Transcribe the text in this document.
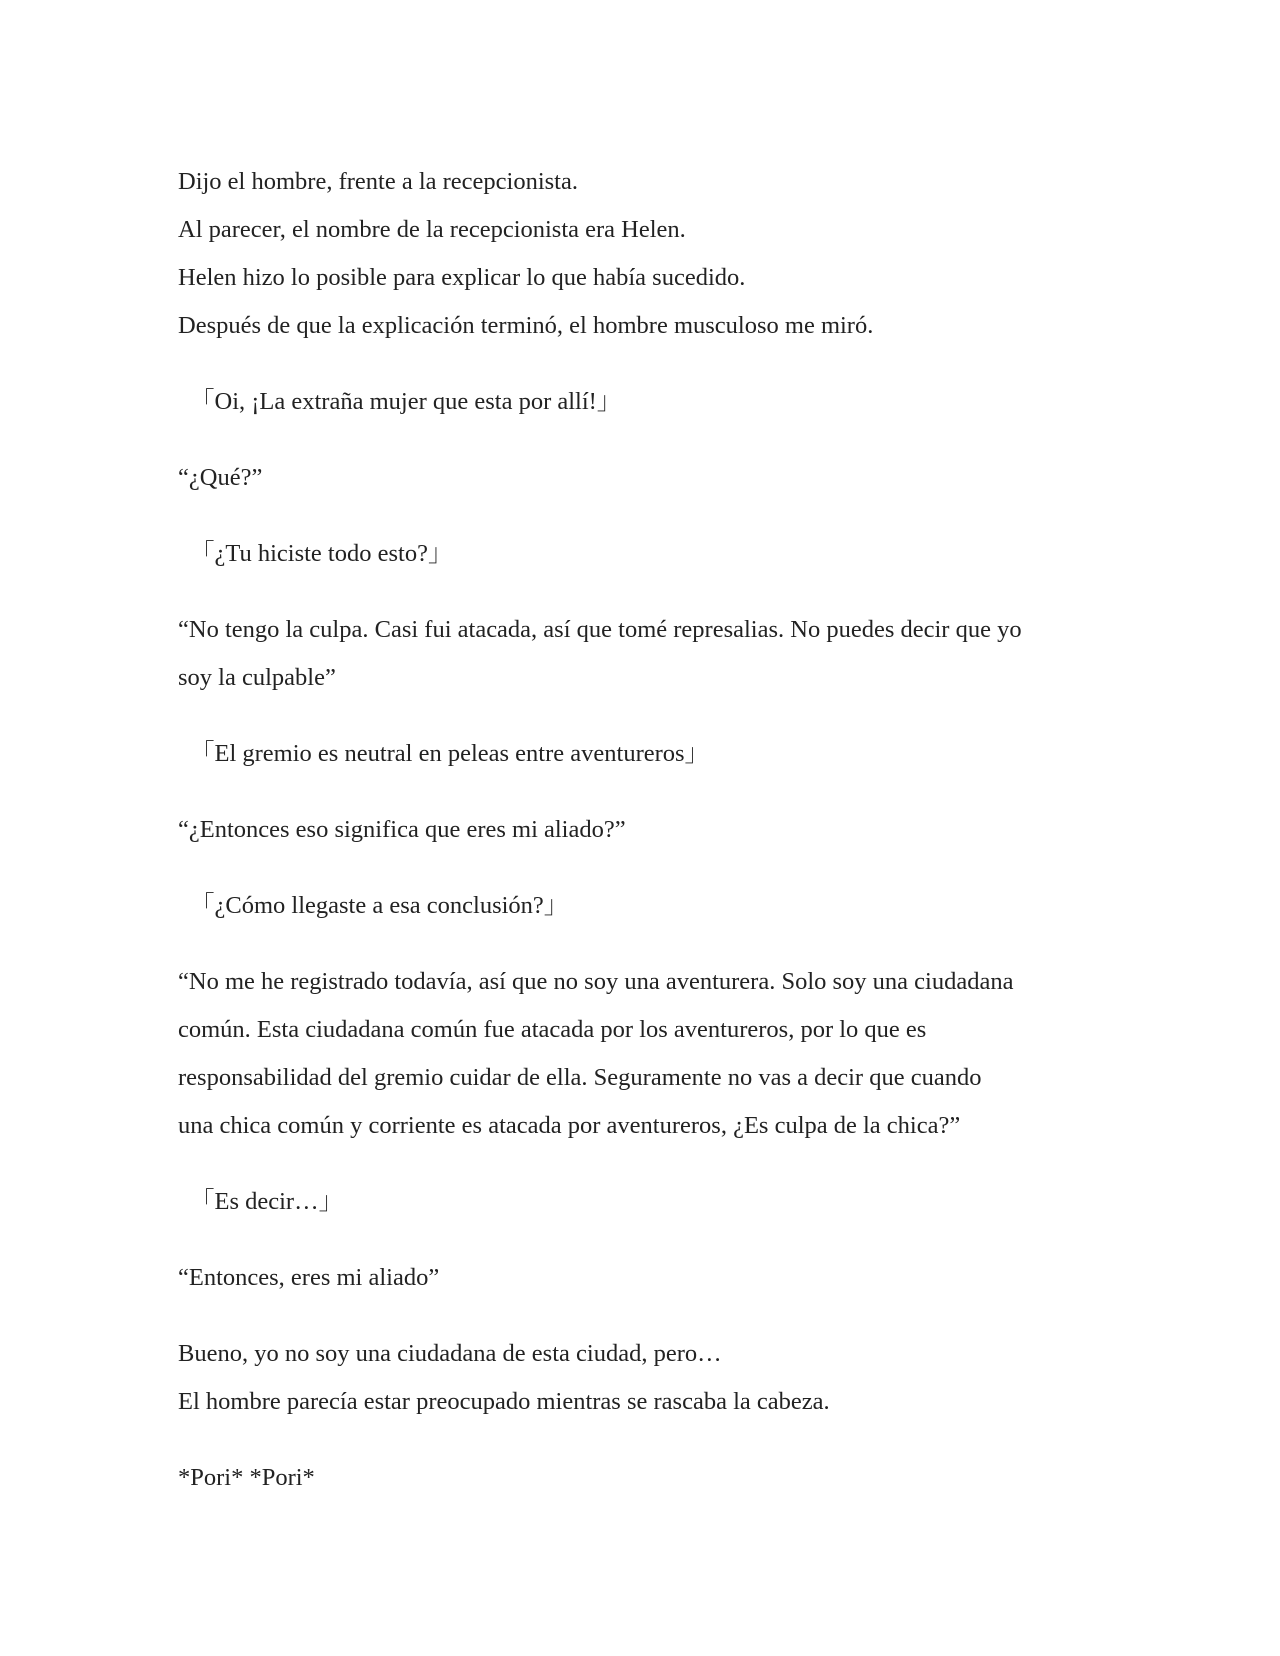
Dijo el hombre, frente a la recepcionista.

Al parecer, el nombre de la recepcionista era Helen.

Helen hizo lo posible para explicar lo que había sucedido.

Después de que la explicación terminó, el hombre musculoso me miró.

「Oi, ¡La extraña mujer que esta por allí!」

“¿Qué?”

「¿Tu hiciste todo esto?」

“No tengo la culpa. Casi fui atacada, así que tomé represalias. No puedes decir que yo

soy la culpable”

「El gremio es neutral en peleas entre aventureros」

“¿Entonces eso significa que eres mi aliado?”

「¿Cómo llegaste a esa conclusión?」

“No me he registrado todavía, así que no soy una aventurera. Solo soy una ciudadana

común. Esta ciudadana común fue atacada por los aventureros, por lo que es

responsabilidad del gremio cuidar de ella. Seguramente no vas a decir que cuando

una chica común y corriente es atacada por aventureros, ¿Es culpa de la chica?”

「Es decir…」

“Entonces, eres mi aliado”

Bueno, yo no soy una ciudadana de esta ciudad, pero…

El hombre parecía estar preocupado mientras se rascaba la cabeza.

*Pori* *Pori*
